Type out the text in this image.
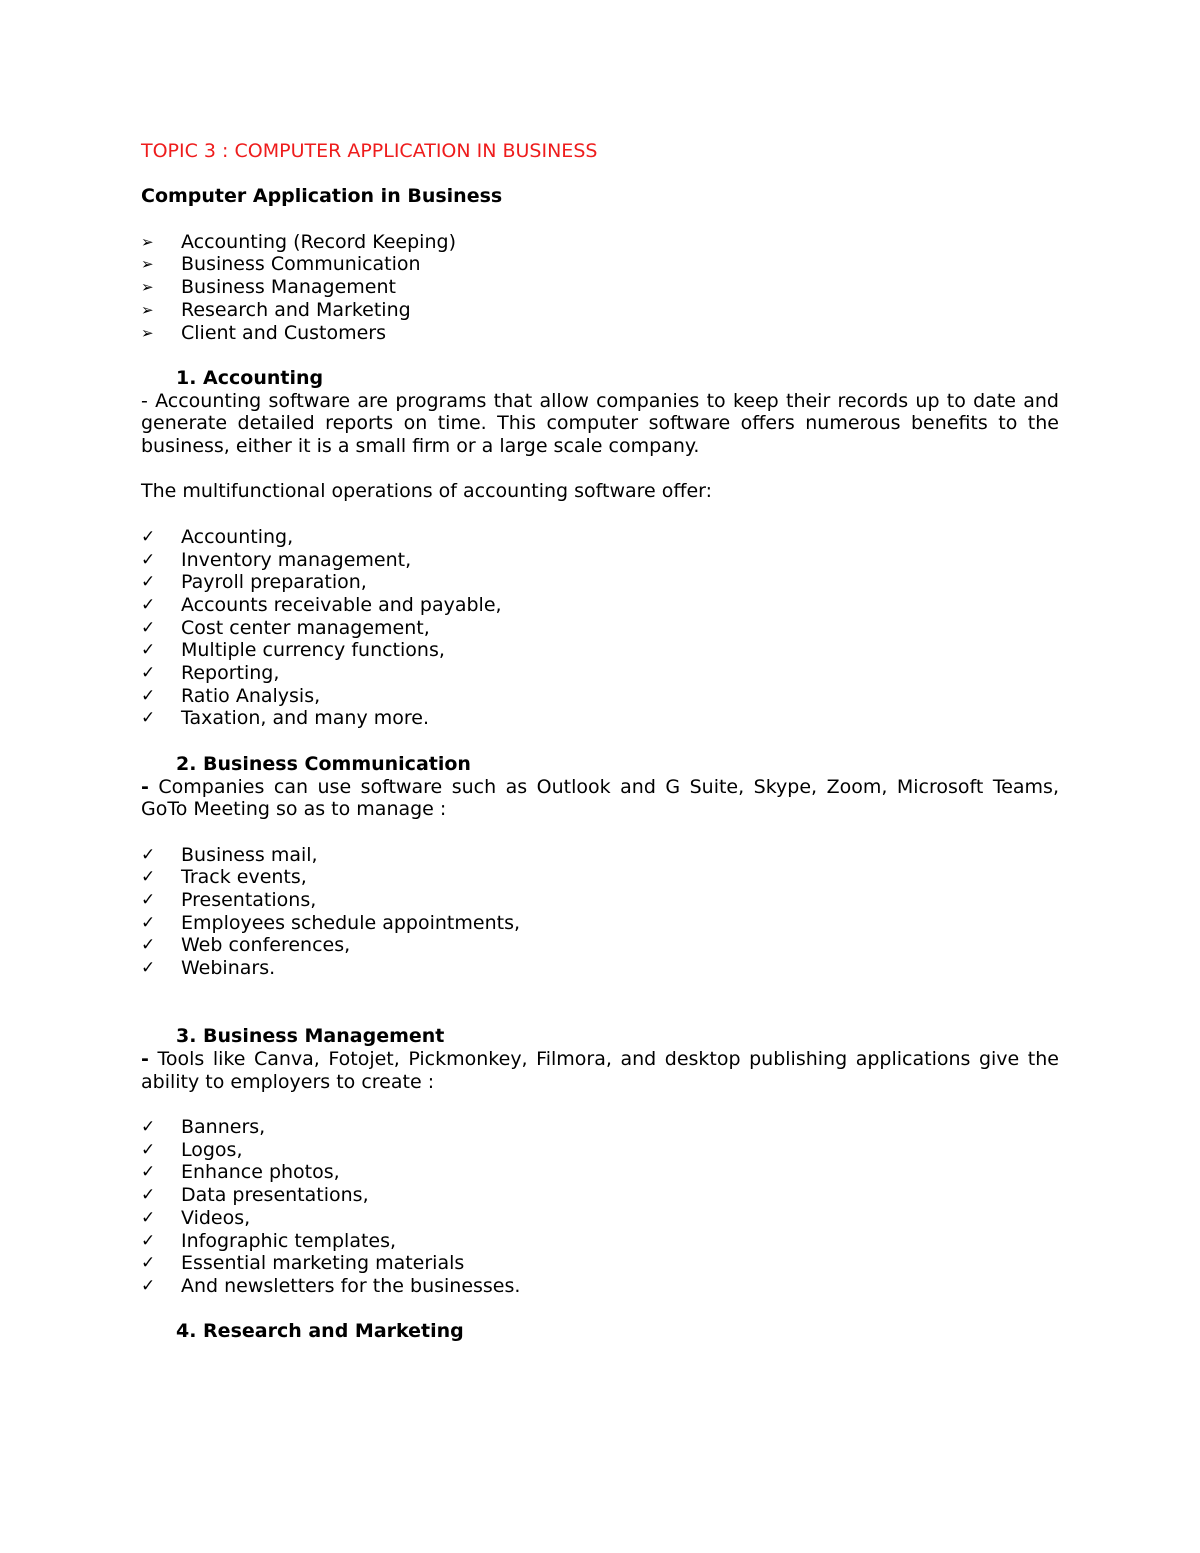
TOPIC 3 : COMPUTER APPLICATION IN BUSINESS
Computer Application in Business
➢	Accounting (Record Keeping)
➢	Business Communication
➢	Business Management
➢	Research and Marketing
➢	Client and Customers
1. Accounting
- Accounting software are programs that allow companies to keep their records up to date and generate detailed reports on time. This computer software offers numerous benefits to the business, either it is a small firm or a large scale company.
The multifunctional operations of accounting software offer:
✓	Accounting,
✓	Inventory management,
✓	Payroll preparation,
✓	Accounts receivable and payable,
✓	Cost center management,
✓	Multiple currency functions,
✓	Reporting,
✓	Ratio Analysis,
✓	Taxation, and many more.
2. Business Communication
- Companies can use software such as Outlook and G Suite, Skype, Zoom, Microsoft Teams, GoTo Meeting so as to manage :
✓	Business mail,
✓	Track events,
✓	Presentations,
✓	Employees schedule appointments,
✓	Web conferences,
✓	Webinars.
3. Business Management
- Tools like Canva, Fotojet, Pickmonkey, Filmora, and desktop publishing applications give the ability to employers to create :
✓	Banners,
✓	Logos,
✓	Enhance photos,
✓	Data presentations,
✓	Videos,
✓	Infographic templates,
✓	Essential marketing materials
✓	And newsletters for the businesses.
4. Research and Marketing
